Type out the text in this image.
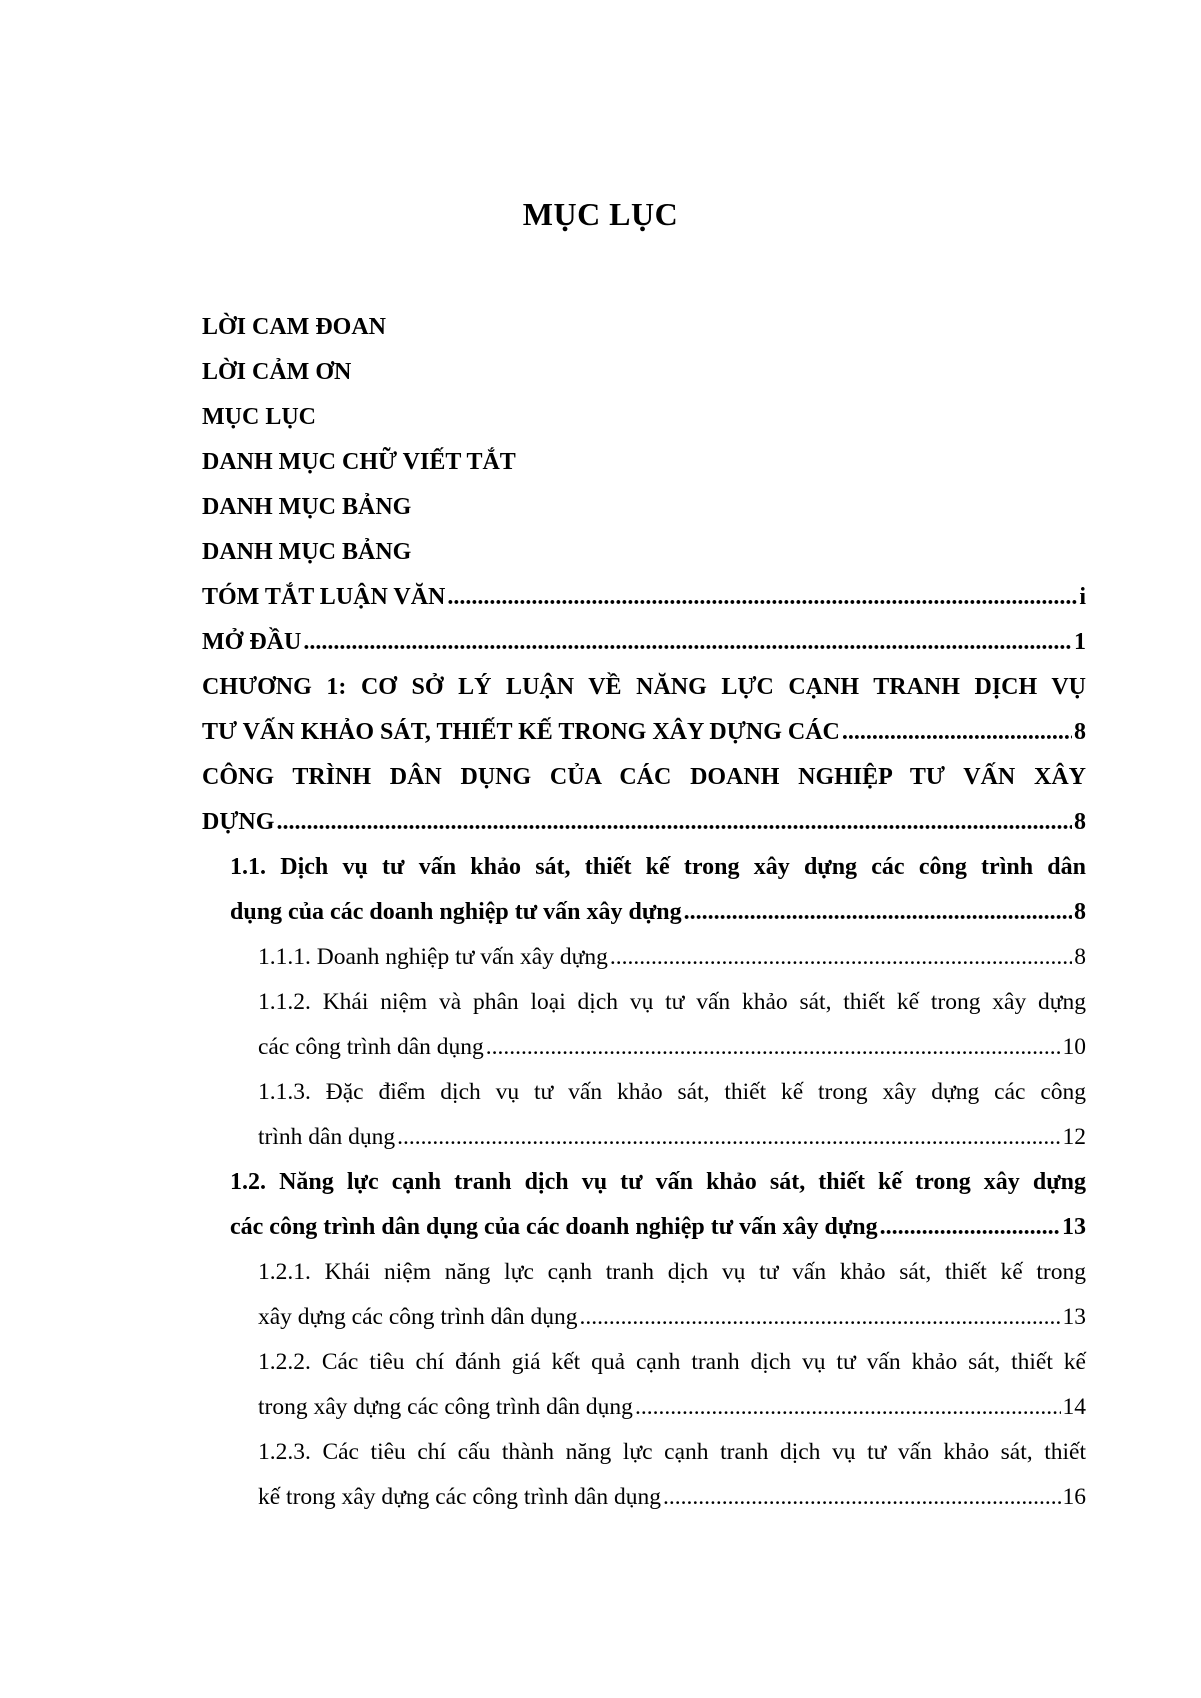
MỤC LỤC
LỜI CAM ĐOAN
LỜI CẢM ƠN
MỤC LỤC
DANH MỤC CHỮ VIẾT TẮT
DANH MỤC BẢNG
DANH MỤC BẢNG
TÓM TẮT LUẬN VĂN .....	i
MỞ ĐẦU .....	1
CHƯƠNG 1: CƠ SỞ LÝ LUẬN VỀ NĂNG LỰC CẠNH TRANH DỊCH VỤ
TƯ VẤN KHẢO SÁT, THIẾT KẾ TRONG XÂY DỰNG CÁC .....	8
CÔNG TRÌNH DÂN DỤNG CỦA CÁC DOANH NGHIỆP TƯ VẤN XÂY
DỰNG .....	8
1.1. Dịch vụ tư vấn khảo sát, thiết kế trong xây dựng các công trình dân
dụng của các doanh nghiệp tư vấn xây dựng .....	8
1.1.1. Doanh nghiệp tư vấn xây dựng .....	8
1.1.2. Khái niệm và phân loại dịch vụ tư vấn khảo sát, thiết kế trong xây dựng
các công trình dân dụng .....	10
1.1.3. Đặc điểm dịch vụ tư vấn khảo sát, thiết kế trong xây dựng các công
trình dân dụng .....	12
1.2. Năng lực cạnh tranh dịch vụ tư vấn khảo sát, thiết kế trong xây dựng
các công trình dân dụng của các doanh nghiệp tư vấn xây dựng .....	13
1.2.1. Khái niệm năng lực cạnh tranh dịch vụ tư vấn khảo sát, thiết kế trong
xây dựng các công trình dân dụng .....	13
1.2.2. Các tiêu chí đánh giá kết quả cạnh tranh dịch vụ tư vấn khảo sát, thiết kế
trong xây dựng các công trình dân dụng .....	14
1.2.3. Các tiêu chí cấu thành năng lực cạnh tranh dịch vụ tư vấn khảo sát, thiết
kế trong xây dựng các công trình dân dụng .....	16
